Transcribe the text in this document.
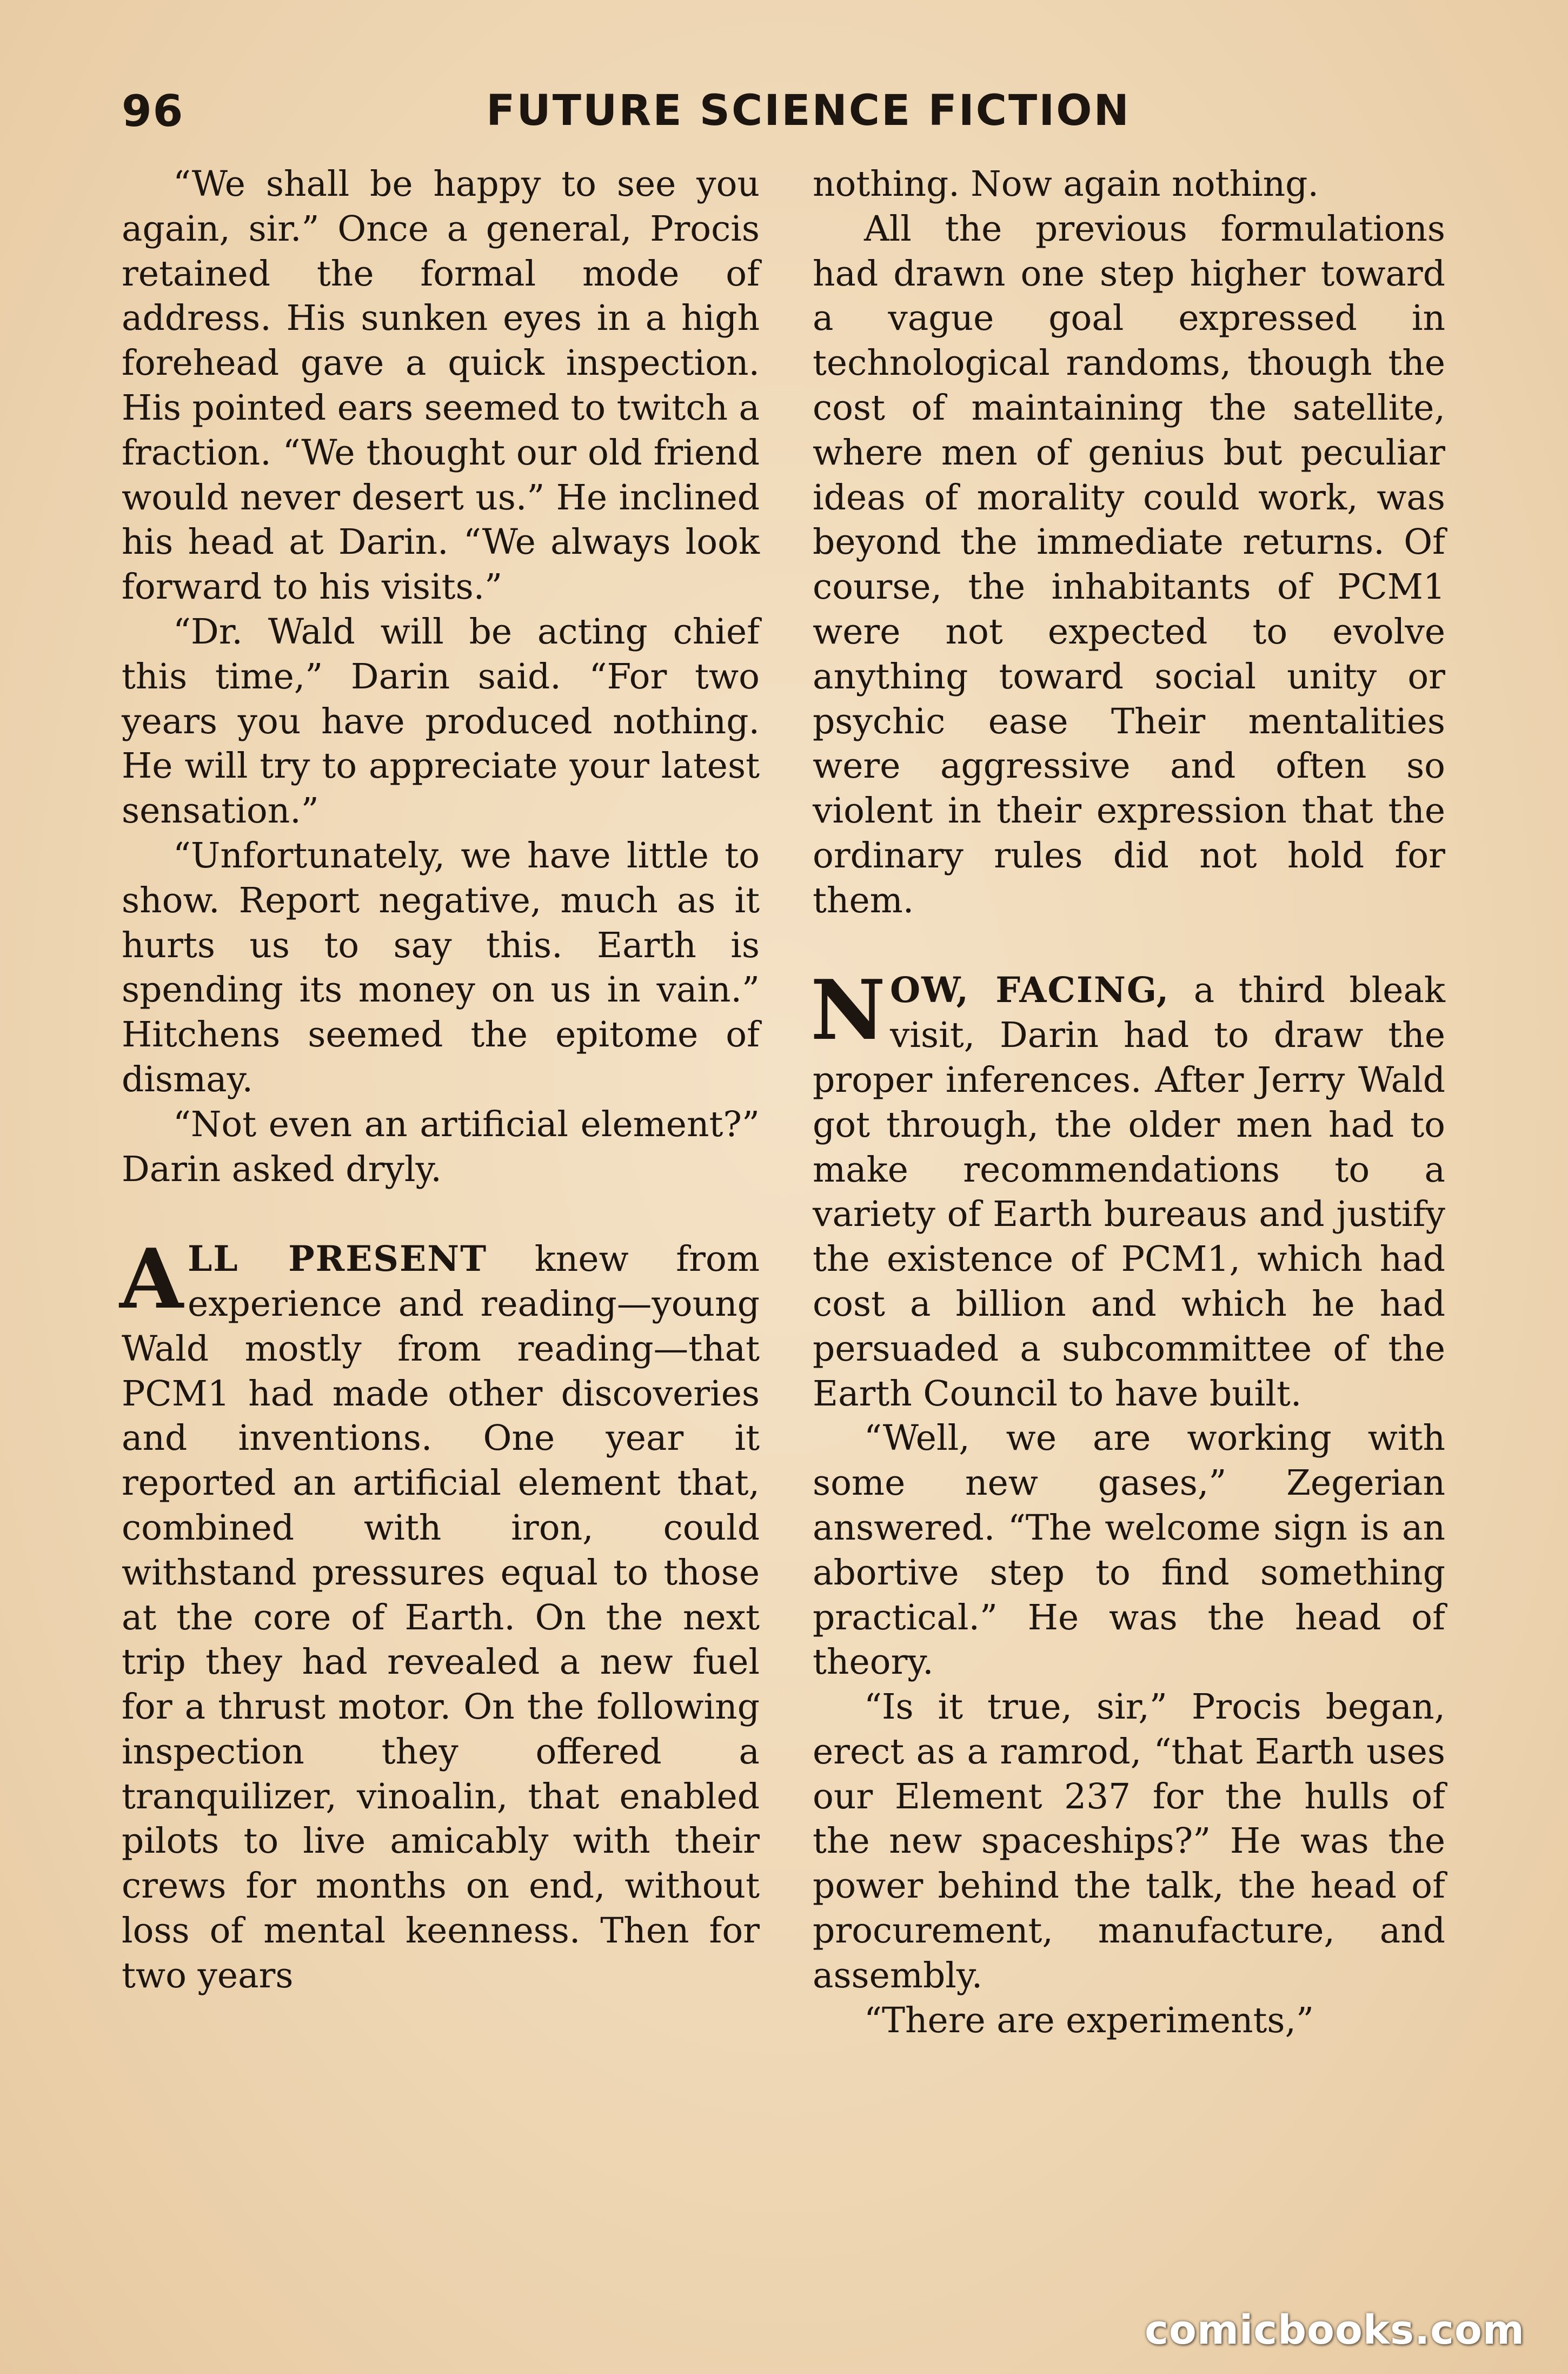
96	FUTURE SCIENCE FICTION

“We shall be happy to see you again, sir.” Once a general, Procis retained the formal mode of address. His sunken eyes in a high forehead gave a quick inspection. His pointed ears seemed to twitch a fraction. “We thought our old friend would never desert us.” He inclined his head at Darin. “We always look forward to his visits.”

“Dr. Wald will be acting chief this time,” Darin said. “For two years you have produced nothing. He will try to appreciate your latest sensation.”

“Unfortunately, we have little to show. Report negative, much as it hurts us to say this. Earth is spending its money on us in vain.” Hitchens seemed the epitome of dismay.

“Not even an artificial element?” Darin asked dryly.

ALL PRESENT knew from experience and reading—young Wald mostly from reading—that PCM1 had made other discoveries and inventions. One year it reported an artificial element that, combined with iron, could withstand pressures equal to those at the core of Earth. On the next trip they had revealed a new fuel for a thrust motor. On the following inspection they offered a tranquilizer, vinoalin, that enabled pilots to live amicably with their crews for months on end, without loss of mental keenness. Then for two years

nothing. Now again nothing.

All the previous formulations had drawn one step higher toward a vague goal expressed in technological randoms, though the cost of maintaining the satellite, where men of genius but peculiar ideas of morality could work, was beyond the immediate returns. Of course, the inhabitants of PCM1 were not expected to evolve anything toward social unity or psychic ease Their mentalities were aggressive and often so violent in their expression that the ordinary rules did not hold for them.

NOW, FACING, a third bleak visit, Darin had to draw the proper inferences. After Jerry Wald got through, the older men had to make recommendations to a variety of Earth bureaus and justify the existence of PCM1, which had cost a billion and which he had persuaded a subcommittee of the Earth Council to have built.

“Well, we are working with some new gases,” Zegerian answered. “The welcome sign is an abortive step to find something practical.” He was the head of theory.

“Is it true, sir,” Procis began, erect as a ramrod, “that Earth uses our Element 237 for the hulls of the new spaceships?” He was the power behind the talk, the head of procurement, manufacture, and assembly.

“There are experiments,”

comicbooks.com
